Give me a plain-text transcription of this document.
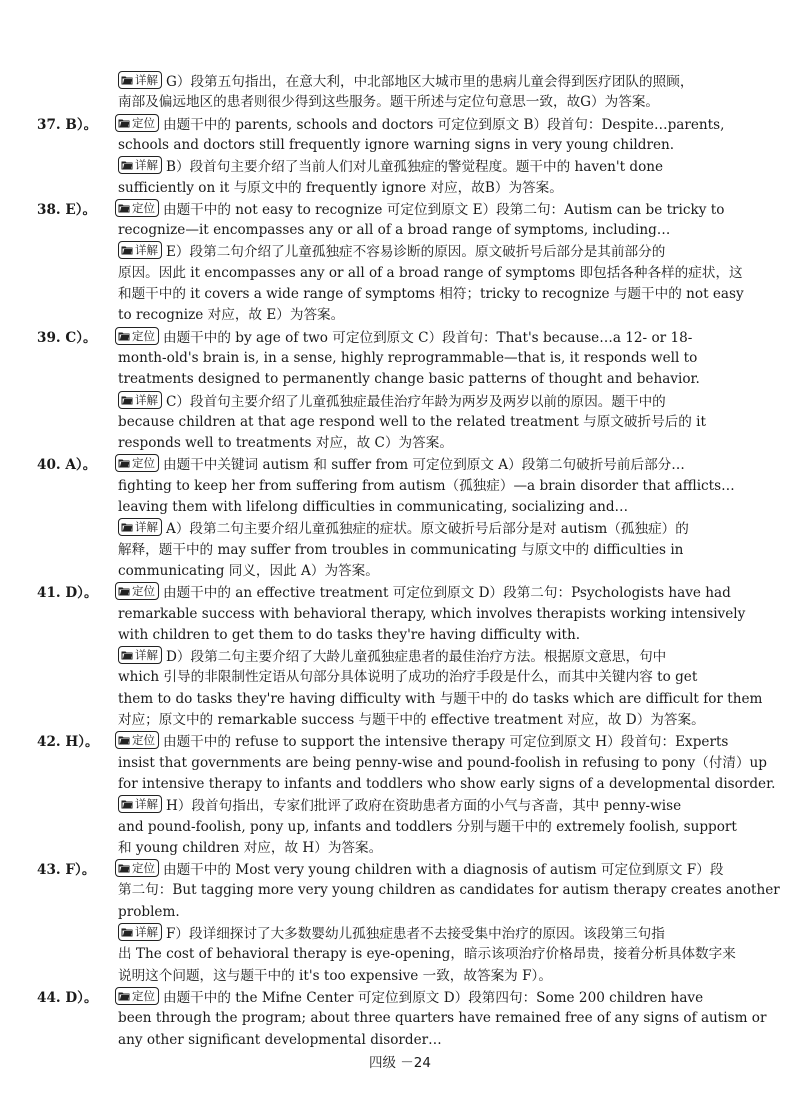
详解 G）段第五句指出，在意大利，中北部地区大城市里的患病儿童会得到医疗团队的照顾，
南部及偏远地区的患者则很少得到这些服务。题干所述与定位句意思一致，故G）为答案。
37. B）。	定位 由题干中的 parents, schools and doctors 可定位到原文 B）段首句：Despite…parents,
schools and doctors still frequently ignore warning signs in very young children.
详解 B）段首句主要介绍了当前人们对儿童孤独症的警觉程度。题干中的 haven't done
sufficiently on it 与原文中的 frequently ignore 对应，故B）为答案。
38. E）。	定位 由题干中的 not easy to recognize 可定位到原文 E）段第二句：Autism can be tricky to
recognize—it encompasses any or all of a broad range of symptoms, including…
详解 E）段第二句介绍了儿童孤独症不容易诊断的原因。原文破折号后部分是其前部分的
原因。因此 it encompasses any or all of a broad range of symptoms 即包括各种各样的症状，这
和题干中的 it covers a wide range of symptoms 相符；tricky to recognize 与题干中的 not easy
to recognize 对应，故 E）为答案。
39. C）。	定位 由题干中的 by age of two 可定位到原文 C）段首句：That's because…a 12- or 18-
month-old's brain is, in a sense, highly reprogrammable—that is, it responds well to
treatments designed to permanently change basic patterns of thought and behavior.
详解 C）段首句主要介绍了儿童孤独症最佳治疗年龄为两岁及两岁以前的原因。题干中的
because children at that age respond well to the related treatment 与原文破折号后的 it
responds well to treatments 对应，故 C）为答案。
40. A）。	定位 由题干中关键词 autism 和 suffer from 可定位到原文 A）段第二句破折号前后部分…
fighting to keep her from suffering from autism（孤独症）—a brain disorder that afflicts…
leaving them with lifelong difficulties in communicating, socializing and…
详解 A）段第二句主要介绍儿童孤独症的症状。原文破折号后部分是对 autism（孤独症）的
解释，题干中的 may suffer from troubles in communicating 与原文中的 difficulties in
communicating 同义，因此 A）为答案。
41. D）。	定位 由题干中的 an effective treatment 可定位到原文 D）段第二句：Psychologists have had
remarkable success with behavioral therapy, which involves therapists working intensively
with children to get them to do tasks they're having difficulty with.
详解 D）段第二句主要介绍了大龄儿童孤独症患者的最佳治疗方法。根据原文意思，句中
which 引导的非限制性定语从句部分具体说明了成功的治疗手段是什么，而其中关键内容 to get
them to do tasks they're having difficulty with 与题干中的 do tasks which are difficult for them
对应；原文中的 remarkable success 与题干中的 effective treatment 对应，故 D）为答案。
42. H）。	定位 由题干中的 refuse to support the intensive therapy 可定位到原文 H）段首句：Experts
insist that governments are being penny-wise and pound-foolish in refusing to pony（付清）up
for intensive therapy to infants and toddlers who show early signs of a developmental disorder.
详解 H）段首句指出，专家们批评了政府在资助患者方面的小气与吝啬，其中 penny-wise
and pound-foolish, pony up, infants and toddlers 分别与题干中的 extremely foolish, support
和 young children 对应，故 H）为答案。
43. F）。	定位 由题干中的 Most very young children with a diagnosis of autism 可定位到原文 F）段
第二句：But tagging more very young children as candidates for autism therapy creates another
problem.
详解 F）段详细探讨了大多数婴幼儿孤独症患者不去接受集中治疗的原因。该段第三句指
出 The cost of behavioral therapy is eye-opening，暗示该项治疗价格昂贵，接着分析具体数字来
说明这个问题，这与题干中的 it's too expensive 一致，故答案为 F）。
44. D）。	定位 由题干中的 the Mifne Center 可定位到原文 D）段第四句：Some 200 children have
been through the program; about three quarters have remained free of any signs of autism or
any other significant developmental disorder…
四级 －24
